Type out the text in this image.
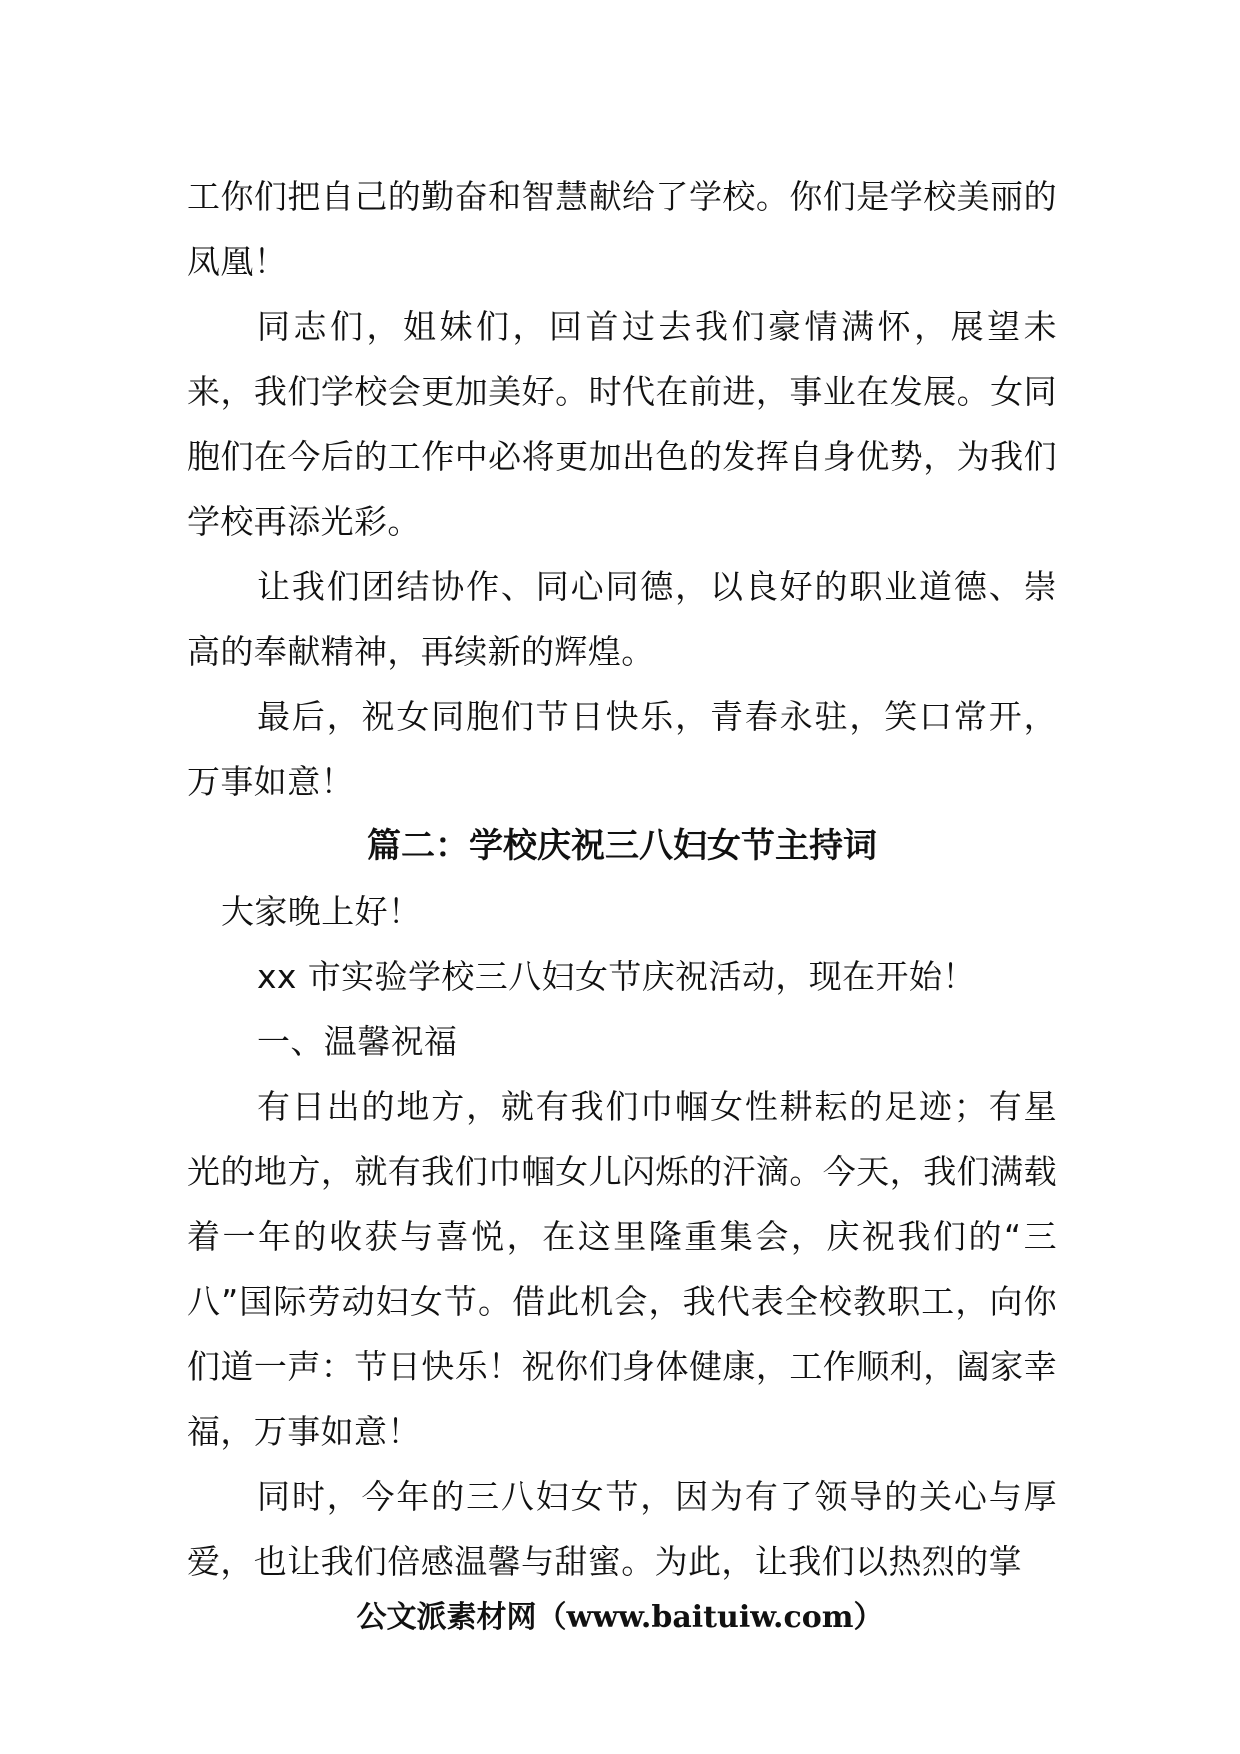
工你们把自己的勤奋和智慧献给了学校。你们是学校美丽的凤凰！

同志们，姐妹们，回首过去我们豪情满怀，展望未来，我们学校会更加美好。时代在前进，事业在发展。女同胞们在今后的工作中必将更加出色的发挥自身优势，为我们学校再添光彩。

让我们团结协作、同心同德，以良好的职业道德、崇高的奉献精神，再续新的辉煌。

最后，祝女同胞们节日快乐，青春永驻，笑口常开，万事如意！

篇二：学校庆祝三八妇女节主持词

大家晚上好！

xx 市实验学校三八妇女节庆祝活动，现在开始！

一、温馨祝福

有日出的地方，就有我们巾帼女性耕耘的足迹；有星光的地方，就有我们巾帼女儿闪烁的汗滴。今天，我们满载着一年的收获与喜悦，在这里隆重集会，庆祝我们的“三八”国际劳动妇女节。借此机会，我代表全校教职工，向你们道一声：节日快乐！祝你们身体健康，工作顺利，阖家幸福，万事如意！

同时，今年的三八妇女节，因为有了领导的关心与厚爱，也让我们倍感温馨与甜蜜。为此，让我们以热烈的掌

公文派素材网（www.baituiw.com）
